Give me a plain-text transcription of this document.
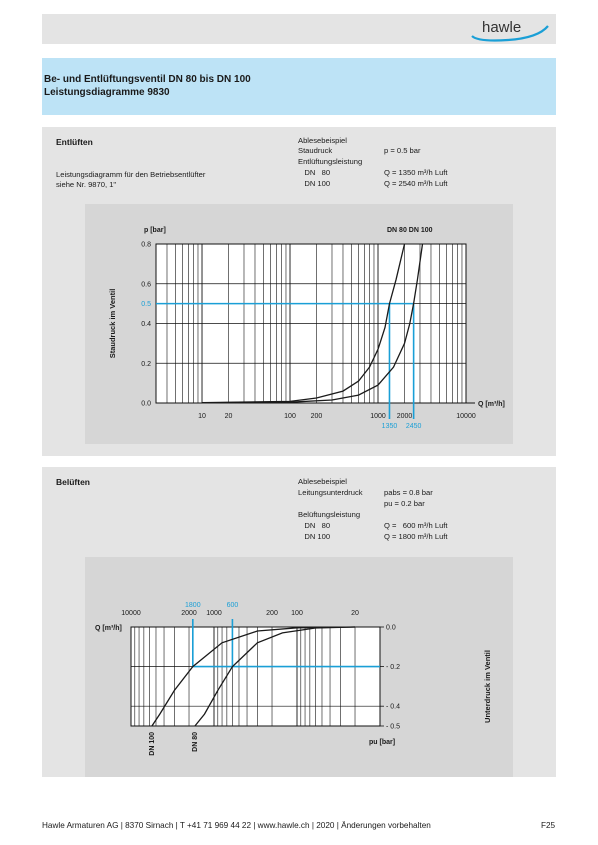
hawle
Be- und Entlüftungsventil DN 80 bis DN 100
Leistungsdiagramme 9830
Entlüften
Leistungsdiagramm für den Betriebsentlüfter
siehe Nr. 9870, 1"
Ablesebeispiel
Staudruck	p = 0.5 bar
Entlüftungsleistung
DN   80	Q = 1350 m³/h Luft
DN 100	Q = 2540 m³/h Luft
0.0
0.2
0.4
0.5
0.6
0.8
10	20	100 200	1000 2000	10000
1350 2450
p [bar]
Q [m³/h]
DN 80 DN 100
Staudruck im Ventil
Belüften	Ablesebeispiel
Leitungsunterdruck	pabs = 0.8 bar
pu = 0.2 bar
Belüftungsleistung
DN   80	Q =   600 m³/h Luft
DN 100	Q = 1800 m³/h Luft
DN 100	DN 80
10000	2000 1000	200 100	20
1800	600
0.0
- 0.2
- 0.4
- 0.5
Q [m³/h]
pu [bar]
Unterdruck im Ventil
Hawle Armaturen AG | 8370 Sirnach | T +41 71 969 44 22 | www.hawle.ch | 2020 | Änderungen vorbehalten	F25
